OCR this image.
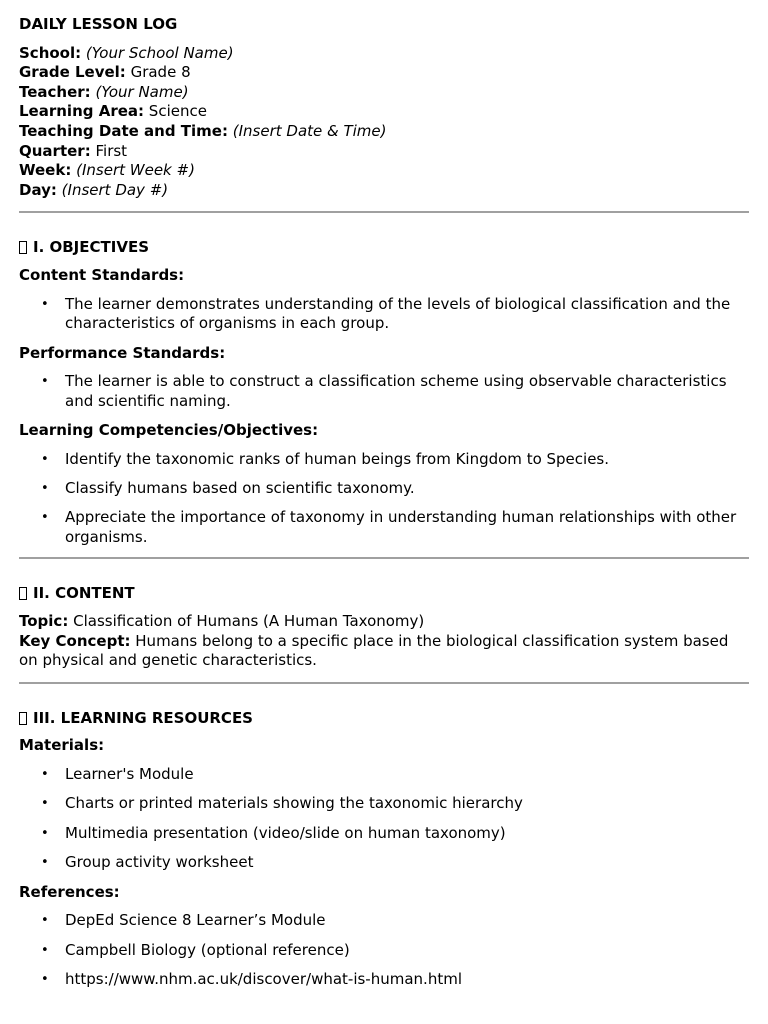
DAILY LESSON LOG
School: (Your School Name)
Grade Level: Grade 8
Teacher: (Your Name)
Learning Area: Science
Teaching Date and Time: (Insert Date & Time)
Quarter: First
Week: (Insert Week #)
Day: (Insert Day #)
I. OBJECTIVES
Content Standards:
• The learner demonstrates understanding of the levels of biological classification and the characteristics of organisms in each group.
Performance Standards:
• The learner is able to construct a classification scheme using observable characteristics and scientific naming.
Learning Competencies/Objectives:
• Identify the taxonomic ranks of human beings from Kingdom to Species.
• Classify humans based on scientific taxonomy.
• Appreciate the importance of taxonomy in understanding human relationships with other organisms.
II. CONTENT
Topic: Classification of Humans (A Human Taxonomy)
Key Concept: Humans belong to a specific place in the biological classification system based on physical and genetic characteristics.
III. LEARNING RESOURCES
Materials:
• Learner's Module
• Charts or printed materials showing the taxonomic hierarchy
• Multimedia presentation (video/slide on human taxonomy)
• Group activity worksheet
References:
• DepEd Science 8 Learner’s Module
• Campbell Biology (optional reference)
• https://www.nhm.ac.uk/discover/what-is-human.html
